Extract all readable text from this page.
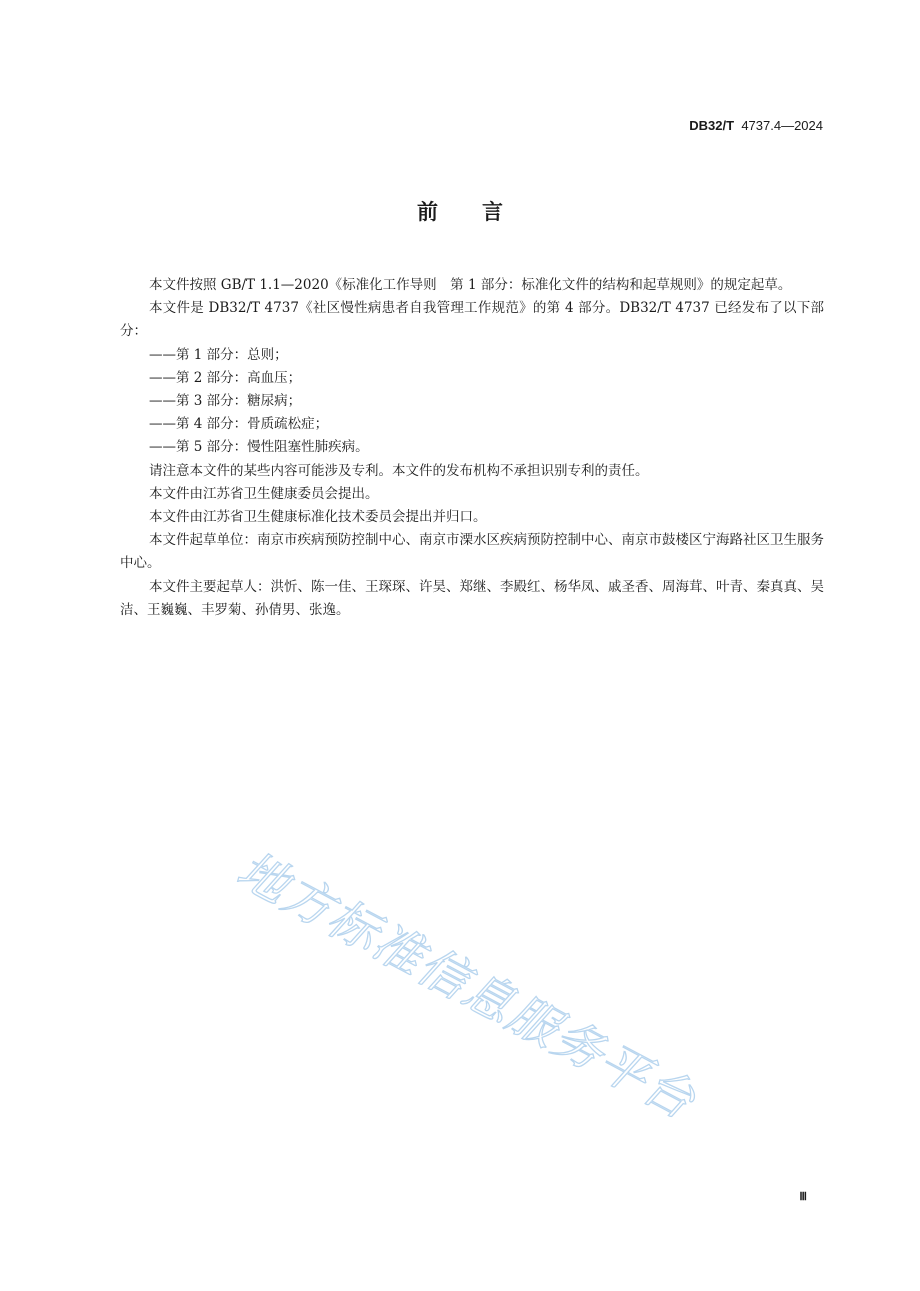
DB32/T 4737.4—2024
前言

本文件按照 GB/T 1.1—2020《标准化工作导则　第 1 部分：标准化文件的结构和起草规则》的规定起草。

本文件是 DB32/T 4737《社区慢性病患者自我管理工作规范》的第 4 部分。DB32/T 4737 已经发布了以下部分：

——第 1 部分：总则；

——第 2 部分：高血压；

——第 3 部分：糖尿病；

——第 4 部分：骨质疏松症；

——第 5 部分：慢性阻塞性肺疾病。

请注意本文件的某些内容可能涉及专利。本文件的发布机构不承担识别专利的责任。

本文件由江苏省卫生健康委员会提出。

本文件由江苏省卫生健康标准化技术委员会提出并归口。

本文件起草单位：南京市疾病预防控制中心、南京市溧水区疾病预防控制中心、南京市鼓楼区宁海路社区卫生服务中心。

本文件主要起草人：洪忻、陈一佳、王琛琛、许昊、郑继、李殿红、杨华凤、戚圣香、周海茸、叶青、秦真真、吴洁、王巍巍、丰罗菊、孙倩男、张逸。

地方标准信息服务平台
Ⅲ
